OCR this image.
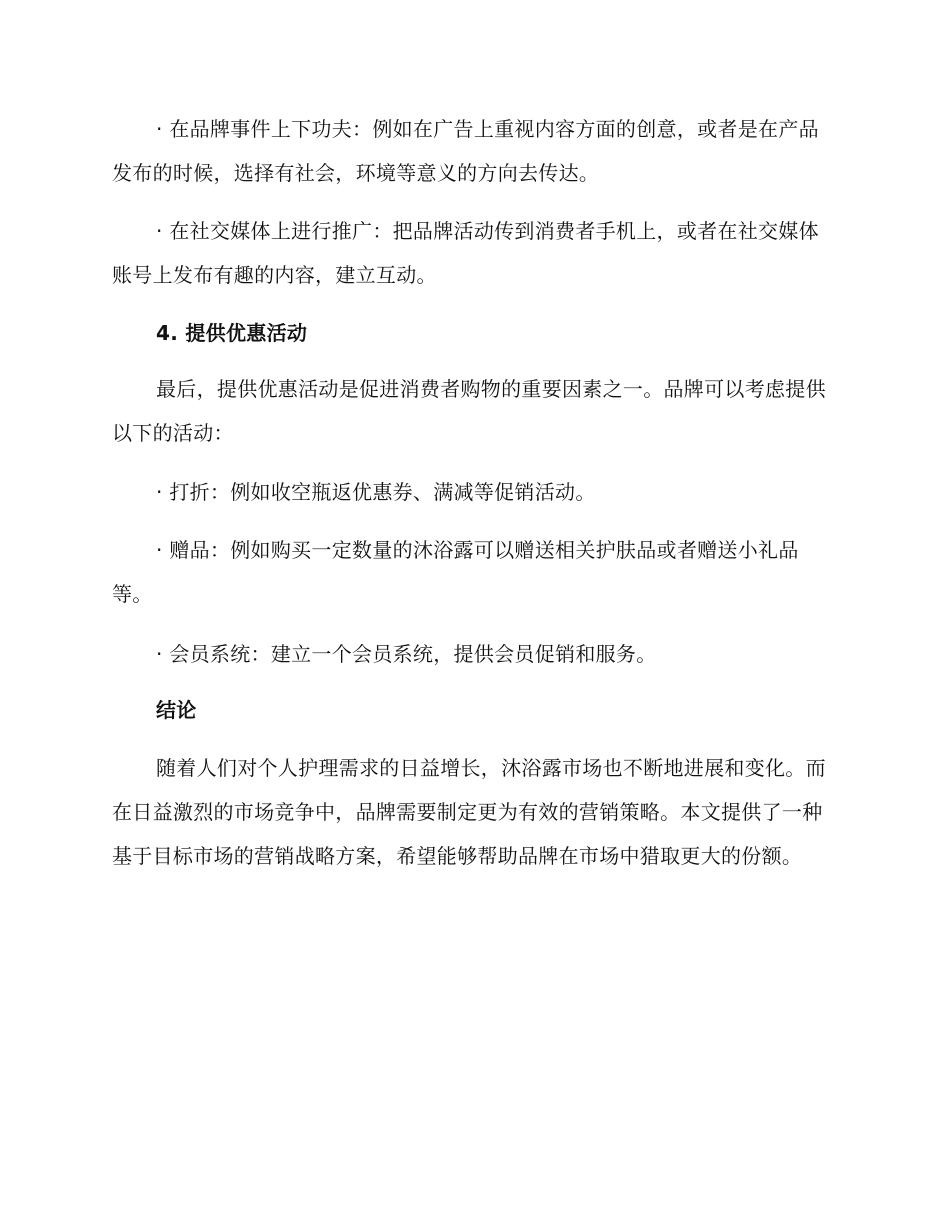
· 在品牌事件上下功夫：例如在广告上重视内容方面的创意，或者是在产品发布的时候，选择有社会，环境等意义的方向去传达。

· 在社交媒体上进行推广：把品牌活动传到消费者手机上，或者在社交媒体账号上发布有趣的内容，建立互动。

4. 提供优惠活动

最后，提供优惠活动是促进消费者购物的重要因素之一。品牌可以考虑提供以下的活动：

· 打折：例如收空瓶返优惠券、满减等促销活动。

· 赠品：例如购买一定数量的沐浴露可以赠送相关护肤品或者赠送小礼品等。

· 会员系统：建立一个会员系统，提供会员促销和服务。

结论

随着人们对个人护理需求的日益增长，沐浴露市场也不断地进展和变化。而在日益激烈的市场竞争中，品牌需要制定更为有效的营销策略。本文提供了一种基于目标市场的营销战略方案，希望能够帮助品牌在市场中猎取更大的份额。
